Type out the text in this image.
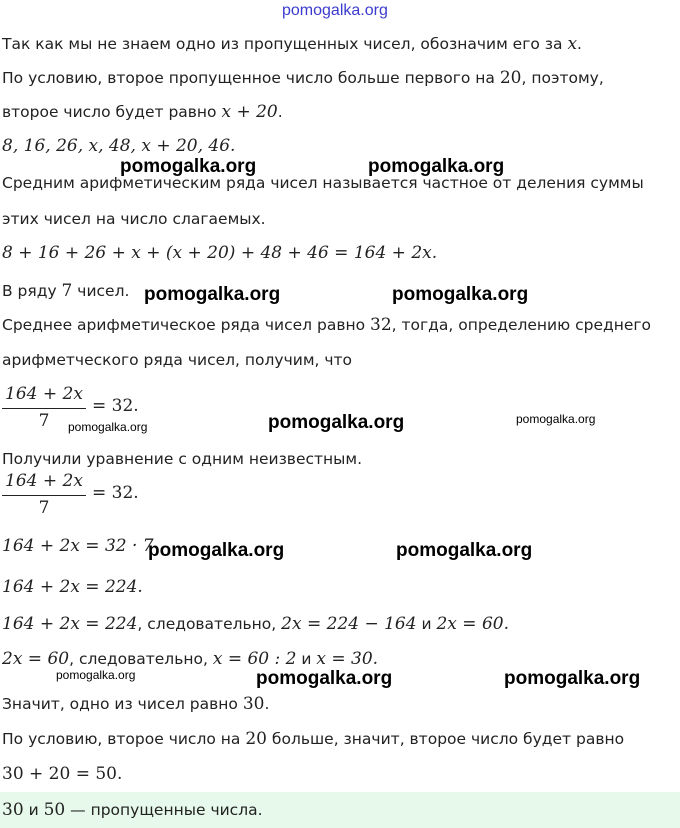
pomogalka.org
Так как мы не знаем одно из пропущенных чисел, обозначим его за x.
По условию, второе пропущенное число больше первого на 20, поэтому,
второе число будет равно x + 20.
8, 16, 26, x, 48, x + 20, 46.
Средним арифметическим ряда чисел называется частное от деления суммы
этих чисел на число слагаемых.
8 + 16 + 26 + x + (x + 20) + 48 + 46 = 164 + 2x.
В ряду 7 чисел.
Среднее арифметическое ряда чисел равно 32, тогда, определению среднего
арифметческого ряда чисел, получим, что
164 + 2x
7
= 32.
Получили уравнение с одним неизвестным.
164 + 2x
7
= 32.
164 + 2x = 32 · 7
164 + 2x = 224.
164 + 2x = 224, следовательно, 2x = 224 − 164 и 2x = 60.
2x = 60, следовательно, x = 60 : 2 и x = 30.
Значит, одно из чисел равно 30.
По условию, второе число на 20 больше, значит, второе число будет равно
30 + 20 = 50.
30 и 50 — пропущенные числа.
pomogalka.org	pomogalka.org
pomogalka.org	pomogalka.org
pomogalka.org	pomogalka.org	pomogalka.org
pomogalka.org	pomogalka.org
pomogalka.org	pomogalka.org	pomogalka.org
